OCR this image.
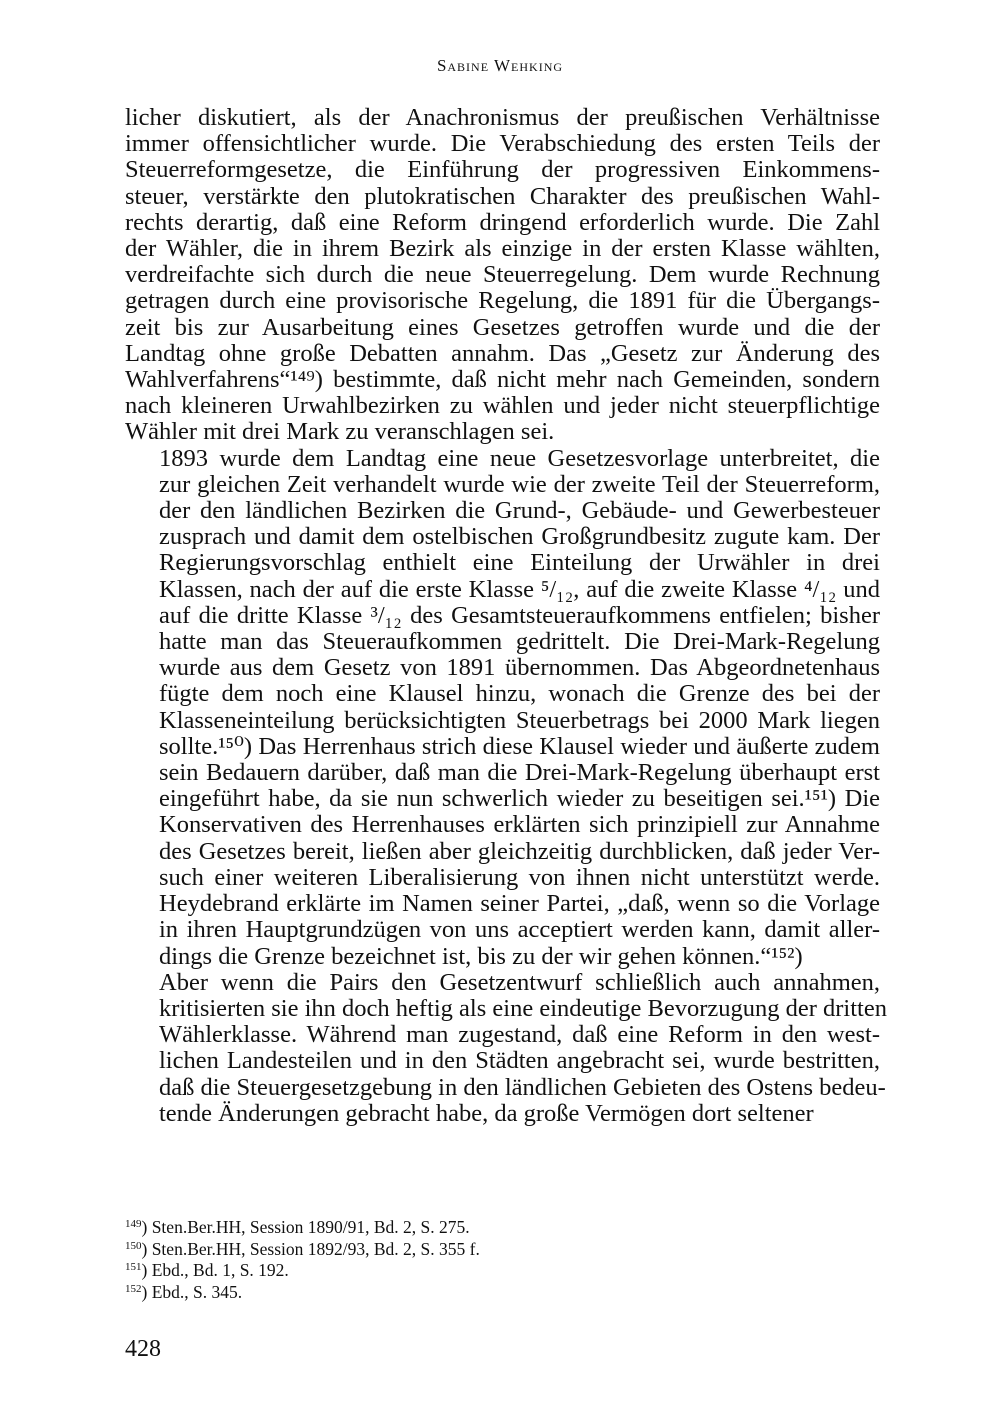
Sabine Wehking

licher diskutiert, als der Anachronismus der preußischen Verhältnisse
immer offensichtlicher wurde. Die Verabschiedung des ersten Teils der
Steuerreformgesetze, die Einführung der progressiven Einkommens-
steuer, verstärkte den plutokratischen Charakter des preußischen Wahl-
rechts derartig, daß eine Reform dringend erforderlich wurde. Die Zahl
der Wähler, die in ihrem Bezirk als einzige in der ersten Klasse wählten,
verdreifachte sich durch die neue Steuerregelung. Dem wurde Rechnung
getragen durch eine provisorische Regelung, die 1891 für die Übergangs-
zeit bis zur Ausarbeitung eines Gesetzes getroffen wurde und die der
Landtag ohne große Debatten annahm. Das „Gesetz zur Änderung des
Wahlverfahrens“¹⁴⁹) bestimmte, daß nicht mehr nach Gemeinden, sondern
nach kleineren Urwahlbezirken zu wählen und jeder nicht steuerpflichtige
Wähler mit drei Mark zu veranschlagen sei.

1893 wurde dem Landtag eine neue Gesetzesvorlage unterbreitet, die
zur gleichen Zeit verhandelt wurde wie der zweite Teil der Steuerreform,
der den ländlichen Bezirken die Grund-, Gebäude- und Gewerbesteuer
zusprach und damit dem ostelbischen Großgrundbesitz zugute kam. Der
Regierungsvorschlag enthielt eine Einteilung der Urwähler in drei
Klassen, nach der auf die erste Klasse ⁵/₁₂, auf die zweite Klasse ⁴/₁₂ und
auf die dritte Klasse ³/₁₂ des Gesamtsteueraufkommens entfielen; bisher
hatte man das Steueraufkommen gedrittelt. Die Drei-Mark-Regelung
wurde aus dem Gesetz von 1891 übernommen. Das Abgeordnetenhaus
fügte dem noch eine Klausel hinzu, wonach die Grenze des bei der
Klasseneinteilung berücksichtigten Steuerbetrags bei 2000 Mark liegen
sollte.¹⁵⁰) Das Herrenhaus strich diese Klausel wieder und äußerte zudem
sein Bedauern darüber, daß man die Drei-Mark-Regelung überhaupt erst
eingeführt habe, da sie nun schwerlich wieder zu beseitigen sei.¹⁵¹) Die
Konservativen des Herrenhauses erklärten sich prinzipiell zur Annahme
des Gesetzes bereit, ließen aber gleichzeitig durchblicken, daß jeder Ver-
such einer weiteren Liberalisierung von ihnen nicht unterstützt werde.
Heydebrand erklärte im Namen seiner Partei, „daß, wenn so die Vorlage
in ihren Hauptgrundzügen von uns acceptiert werden kann, damit aller-
dings die Grenze bezeichnet ist, bis zu der wir gehen können.“¹⁵²)

Aber wenn die Pairs den Gesetzentwurf schließlich auch annahmen,
kritisierten sie ihn doch heftig als eine eindeutige Bevorzugung der dritten
Wählerklasse. Während man zugestand, daß eine Reform in den west-
lichen Landesteilen und in den Städten angebracht sei, wurde bestritten,
daß die Steuergesetzgebung in den ländlichen Gebieten des Ostens bedeu-
tende Änderungen gebracht habe, da große Vermögen dort seltener

$^{149}$) Sten.Ber.HH, Session 1890/91, Bd. 2, S. 275.
$^{150}$) Sten.Ber.HH, Session 1892/93, Bd. 2, S. 355 f.
$^{151}$) Ebd., Bd. 1, S. 192.
$^{152}$) Ebd., S. 345.
428
